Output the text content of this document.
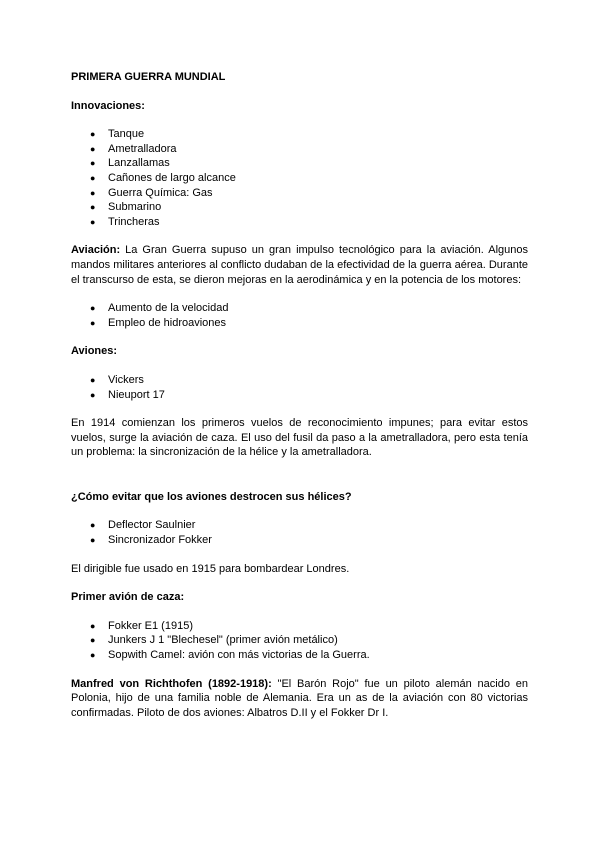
PRIMERA GUERRA MUNDIAL
Innovaciones:
● Tanque
● Ametralladora
● Lanzallamas
● Cañones de largo alcance
● Guerra Química: Gas
● Submarino
● Trincheras

Aviación: La Gran Guerra supuso un gran impulso tecnológico para la aviación. Algunos mandos militares anteriores al conflicto dudaban de la efectividad de la guerra aérea. Durante el transcurso de esta, se dieron mejoras en la aerodinámica y en la potencia de los motores:

● Aumento de la velocidad
● Empleo de hidroaviones
Aviones:
● Vickers
● Nieuport 17

En 1914 comienzan los primeros vuelos de reconocimiento impunes; para evitar estos vuelos, surge la aviación de caza. El uso del fusil da paso a la ametralladora, pero esta tenía un problema: la sincronización de la hélice y la ametralladora.

¿Cómo evitar que los aviones destrocen sus hélices?
● Deflector Saulnier
● Sincronizador Fokker

El dirigible fue usado en 1915 para bombardear Londres.

Primer avión de caza:
● Fokker E1 (1915)
● Junkers J 1 "Blechesel" (primer avión metálico)
● Sopwith Camel: avión con más victorias de la Guerra.

Manfred von Richthofen (1892-1918): "El Barón Rojo" fue un piloto alemán nacido en Polonia, hijo de una familia noble de Alemania. Era un as de la aviación con 80 victorias confirmadas. Piloto de dos aviones: Albatros D.II y el Fokker Dr I.
